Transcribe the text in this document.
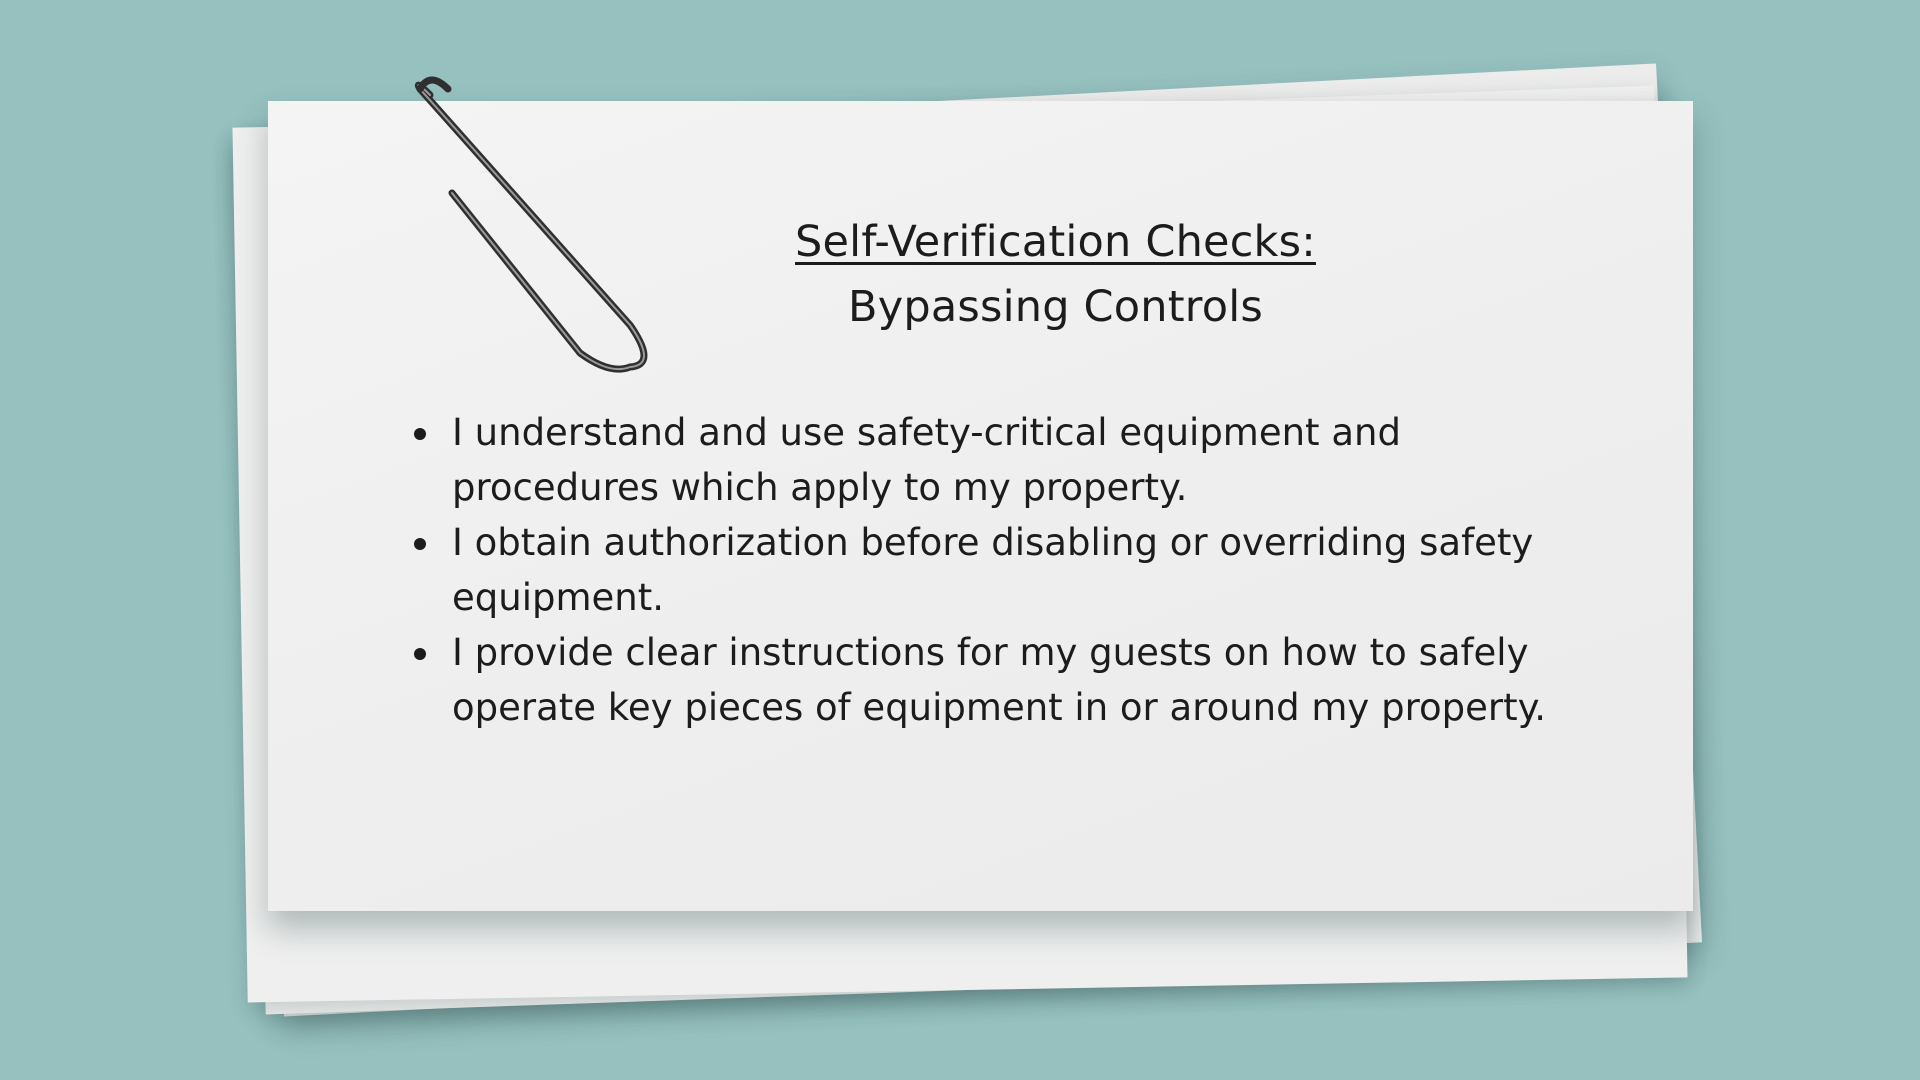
Self-Verification Checks:
Bypassing Controls
I understand and use safety-critical equipment and procedures which apply to my property.
I obtain authorization before disabling or overriding safety equipment.
I provide clear instructions for my guests on how to safely operate key pieces of equipment in or around my property.
